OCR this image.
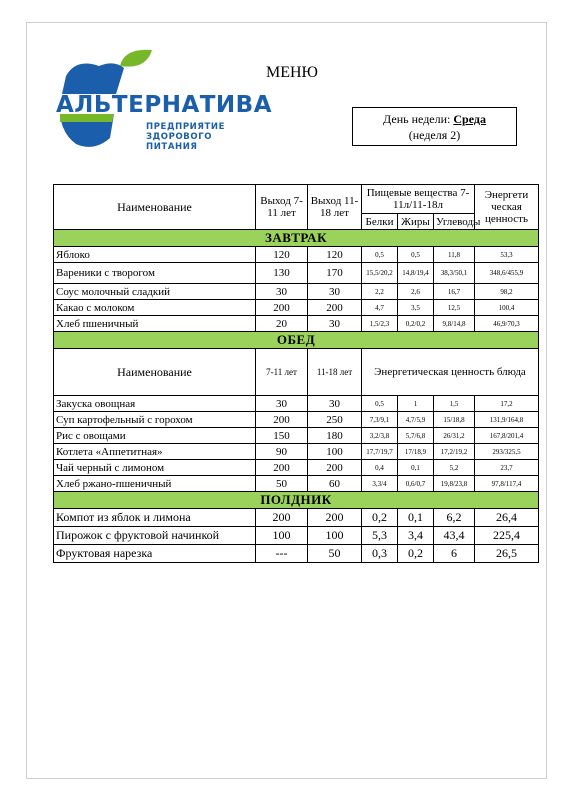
АЛЬТЕРНАТИВА
ПРЕДПРИЯТИЕ
ЗДОРОВОГО
ПИТАНИЯ
МЕНЮ
День недели: Среда
(неделя 2)
Наименование	Выход 7-11 лет	Выход 11-18 лет	Пищевые вещества 7-11л/11-18л			Энергети ческая ценность
			Белки	Жиры	Углеводы	
ЗАВТРАК						
Яблоко	120	120	0,5	0,5	11,8	53,3
Вареники с творогом	130	170	15,5/20,2	14,8/19,4	38,3/50,1	348,6/455,9
Соус молочный сладкий	30	30	2,2	2,6	16,7	98,2
Какао с молоком	200	200	4,7	3,5	12,5	100,4
Хлеб пшеничный	20	30	1,5/2,3	0,2/0,2	9,8/14,8	46,9/70,3
ОБЕД						
Наименование	7-11 лет	11-18 лет	Энергетическая ценность блюда			
Закуска овощная	30	30	0,5	1	1,5	17,2
Суп картофельный с горохом	200	250	7,3/9,1	4,7/5,9	15/18,8	131,9/164,8
Рис с овощами	150	180	3,2/3,8	5,7/6,8	26/31,2	167,8/201,4
Котлета «Аппетитная»	90	100	17,7/19,7	17/18,9	17,2/19,2	293/325,5
Чай черный с лимоном	200	200	0,4	0,1	5,2	23,7
Хлеб ржано-пшеничный	50	60	3,3/4	0,6/0,7	19,8/23,8	97,8/117,4
ПОЛДНИК						
Компот из яблок и лимона	200	200	0,2	0,1	6,2	26,4
Пирожок с фруктовой начинкой	100	100	5,3	3,4	43,4	225,4
Фруктовая нарезка	---	50	0,3	0,2	6	26,5
